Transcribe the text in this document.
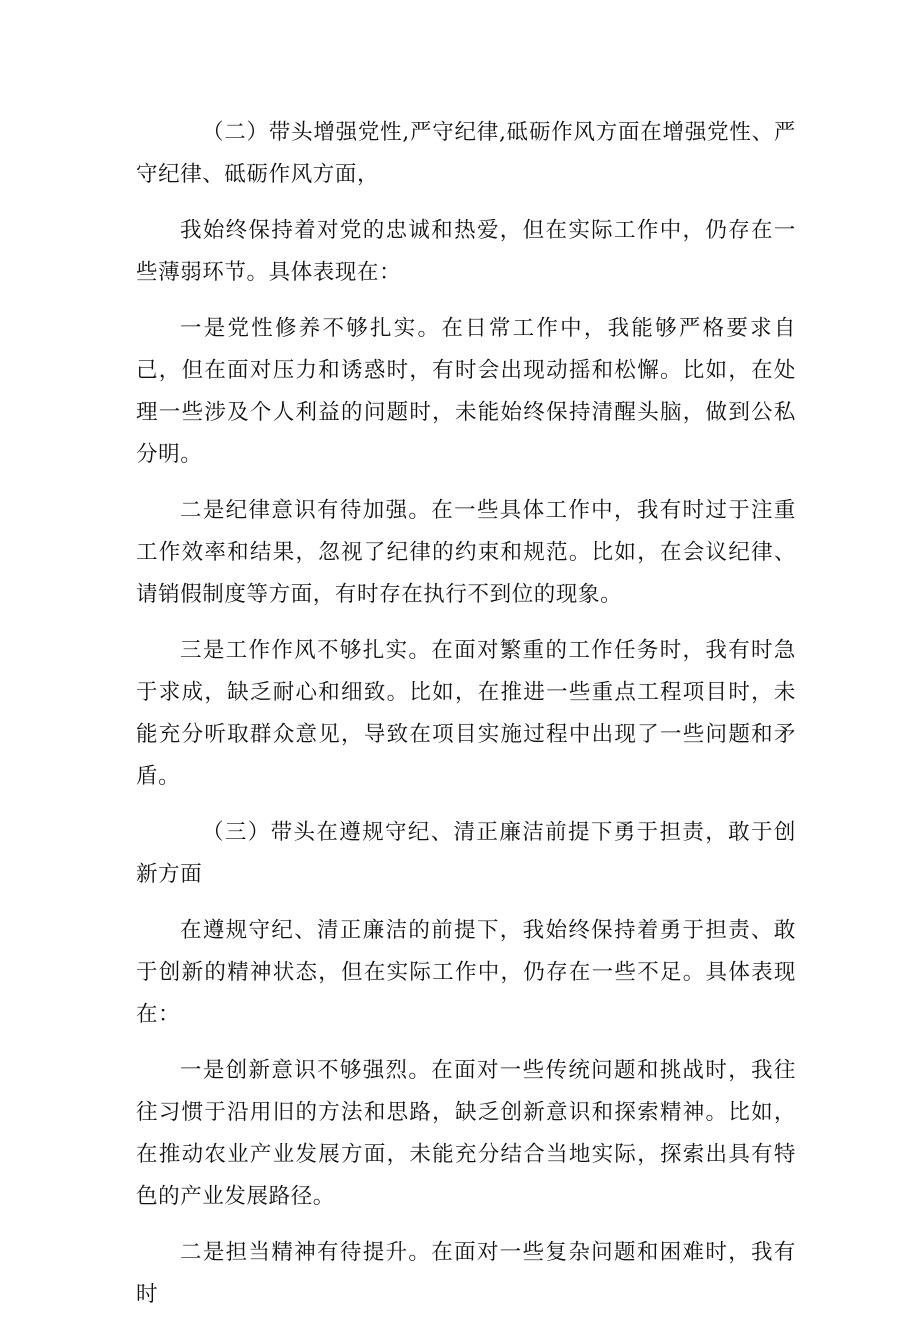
（二）带头增强党性,严守纪律,砥砺作风方面在增强党性、严守纪律、砥砺作风方面，

我始终保持着对党的忠诚和热爱，但在实际工作中，仍存在一些薄弱环节。具体表现在：

一是党性修养不够扎实。在日常工作中，我能够严格要求自己，但在面对压力和诱惑时，有时会出现动摇和松懈。比如，在处理一些涉及个人利益的问题时，未能始终保持清醒头脑，做到公私分明。

二是纪律意识有待加强。在一些具体工作中，我有时过于注重工作效率和结果，忽视了纪律的约束和规范。比如，在会议纪律、请销假制度等方面，有时存在执行不到位的现象。

三是工作作风不够扎实。在面对繁重的工作任务时，我有时急于求成，缺乏耐心和细致。比如，在推进一些重点工程项目时，未能充分听取群众意见，导致在项目实施过程中出现了一些问题和矛盾。

（三）带头在遵规守纪、清正廉洁前提下勇于担责，敢于创新方面

在遵规守纪、清正廉洁的前提下，我始终保持着勇于担责、敢于创新的精神状态，但在实际工作中，仍存在一些不足。具体表现在：

一是创新意识不够强烈。在面对一些传统问题和挑战时，我往往习惯于沿用旧的方法和思路，缺乏创新意识和探索精神。比如，在推动农业产业发展方面，未能充分结合当地实际，探索出具有特色的产业发展路径。

二是担当精神有待提升。在面对一些复杂问题和困难时，我有时
